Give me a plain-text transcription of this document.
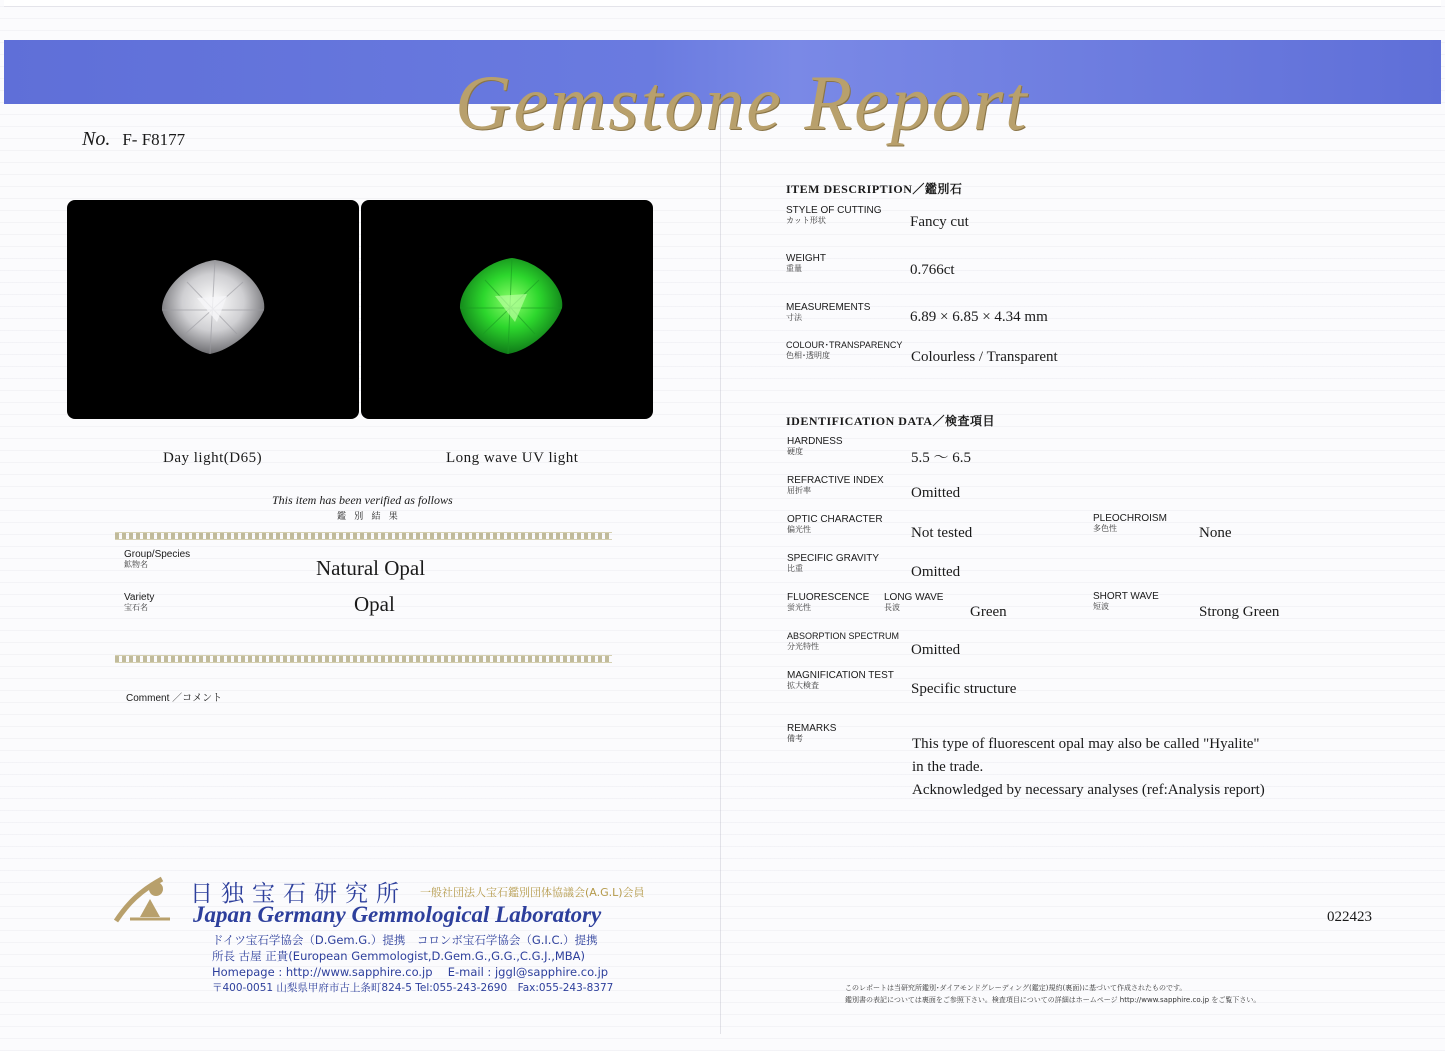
Gemstone Report
No. F- F8177
Day light(D65)	Long wave UV light
This item has been verified as follows
鑑 別 結 果
Group/Species
鉱物名	Natural Opal
Variety
宝石名	Opal
Comment ／コメント
ITEM DESCRIPTION／鑑別石
STYLE OF CUTTING
カット形状	Fancy cut
WEIGHT
重量	0.766ct
MEASUREMENTS
寸法	6.89 × 6.85 × 4.34 mm
COLOUR･TRANSPARENCY
色相･透明度	Colourless / Transparent
IDENTIFICATION DATA／検査項目
HARDNESS
硬度	5.5 ～ 6.5
REFRACTIVE INDEX
屈折率	Omitted
OPTIC CHARACTER
偏光性	Not tested
PLEOCHROISM
多色性	None
SPECIFIC GRAVITY
比重	Omitted
FLUORESCENCE
蛍光性
LONG WAVE
長波	Green
SHORT WAVE
短波	Strong Green
ABSORPTION SPECTRUM
分光特性	Omitted
MAGNIFICATION TEST
拡大検査	Specific structure
REMARKS
備考	This type of fluorescent opal may also be called "Hyalite"
in the trade.
Acknowledged by necessary analyses (ref:Analysis report)
日独宝石研究所 一般社団法人宝石鑑別団体協議会(A.G.L)会員
Japan Germany Gemmological Laboratory
ドイツ宝石学協会（D.Gem.G.）提携　コロンボ宝石学協会（G.I.C.）提携
所長 古屋 正貴(European Gemmologist,D.Gem.G.,G.G.,C.G.J.,MBA)
Homepage : http://www.sapphire.co.jp　 E-mail : jggl@sapphire.co.jp
〒400-0051 山梨県甲府市古上条町824-5 Tel:055-243-2690　Fax:055-243-8377
022423
このレポートは当研究所鑑別･ダイアモンドグレーディング(鑑定)規約(裏面)に基づいて作成されたものです。
鑑別書の表記については裏面をご参照下さい。検査項目についての詳細はホームページ http://www.sapphire.co.jp をご覧下さい。
